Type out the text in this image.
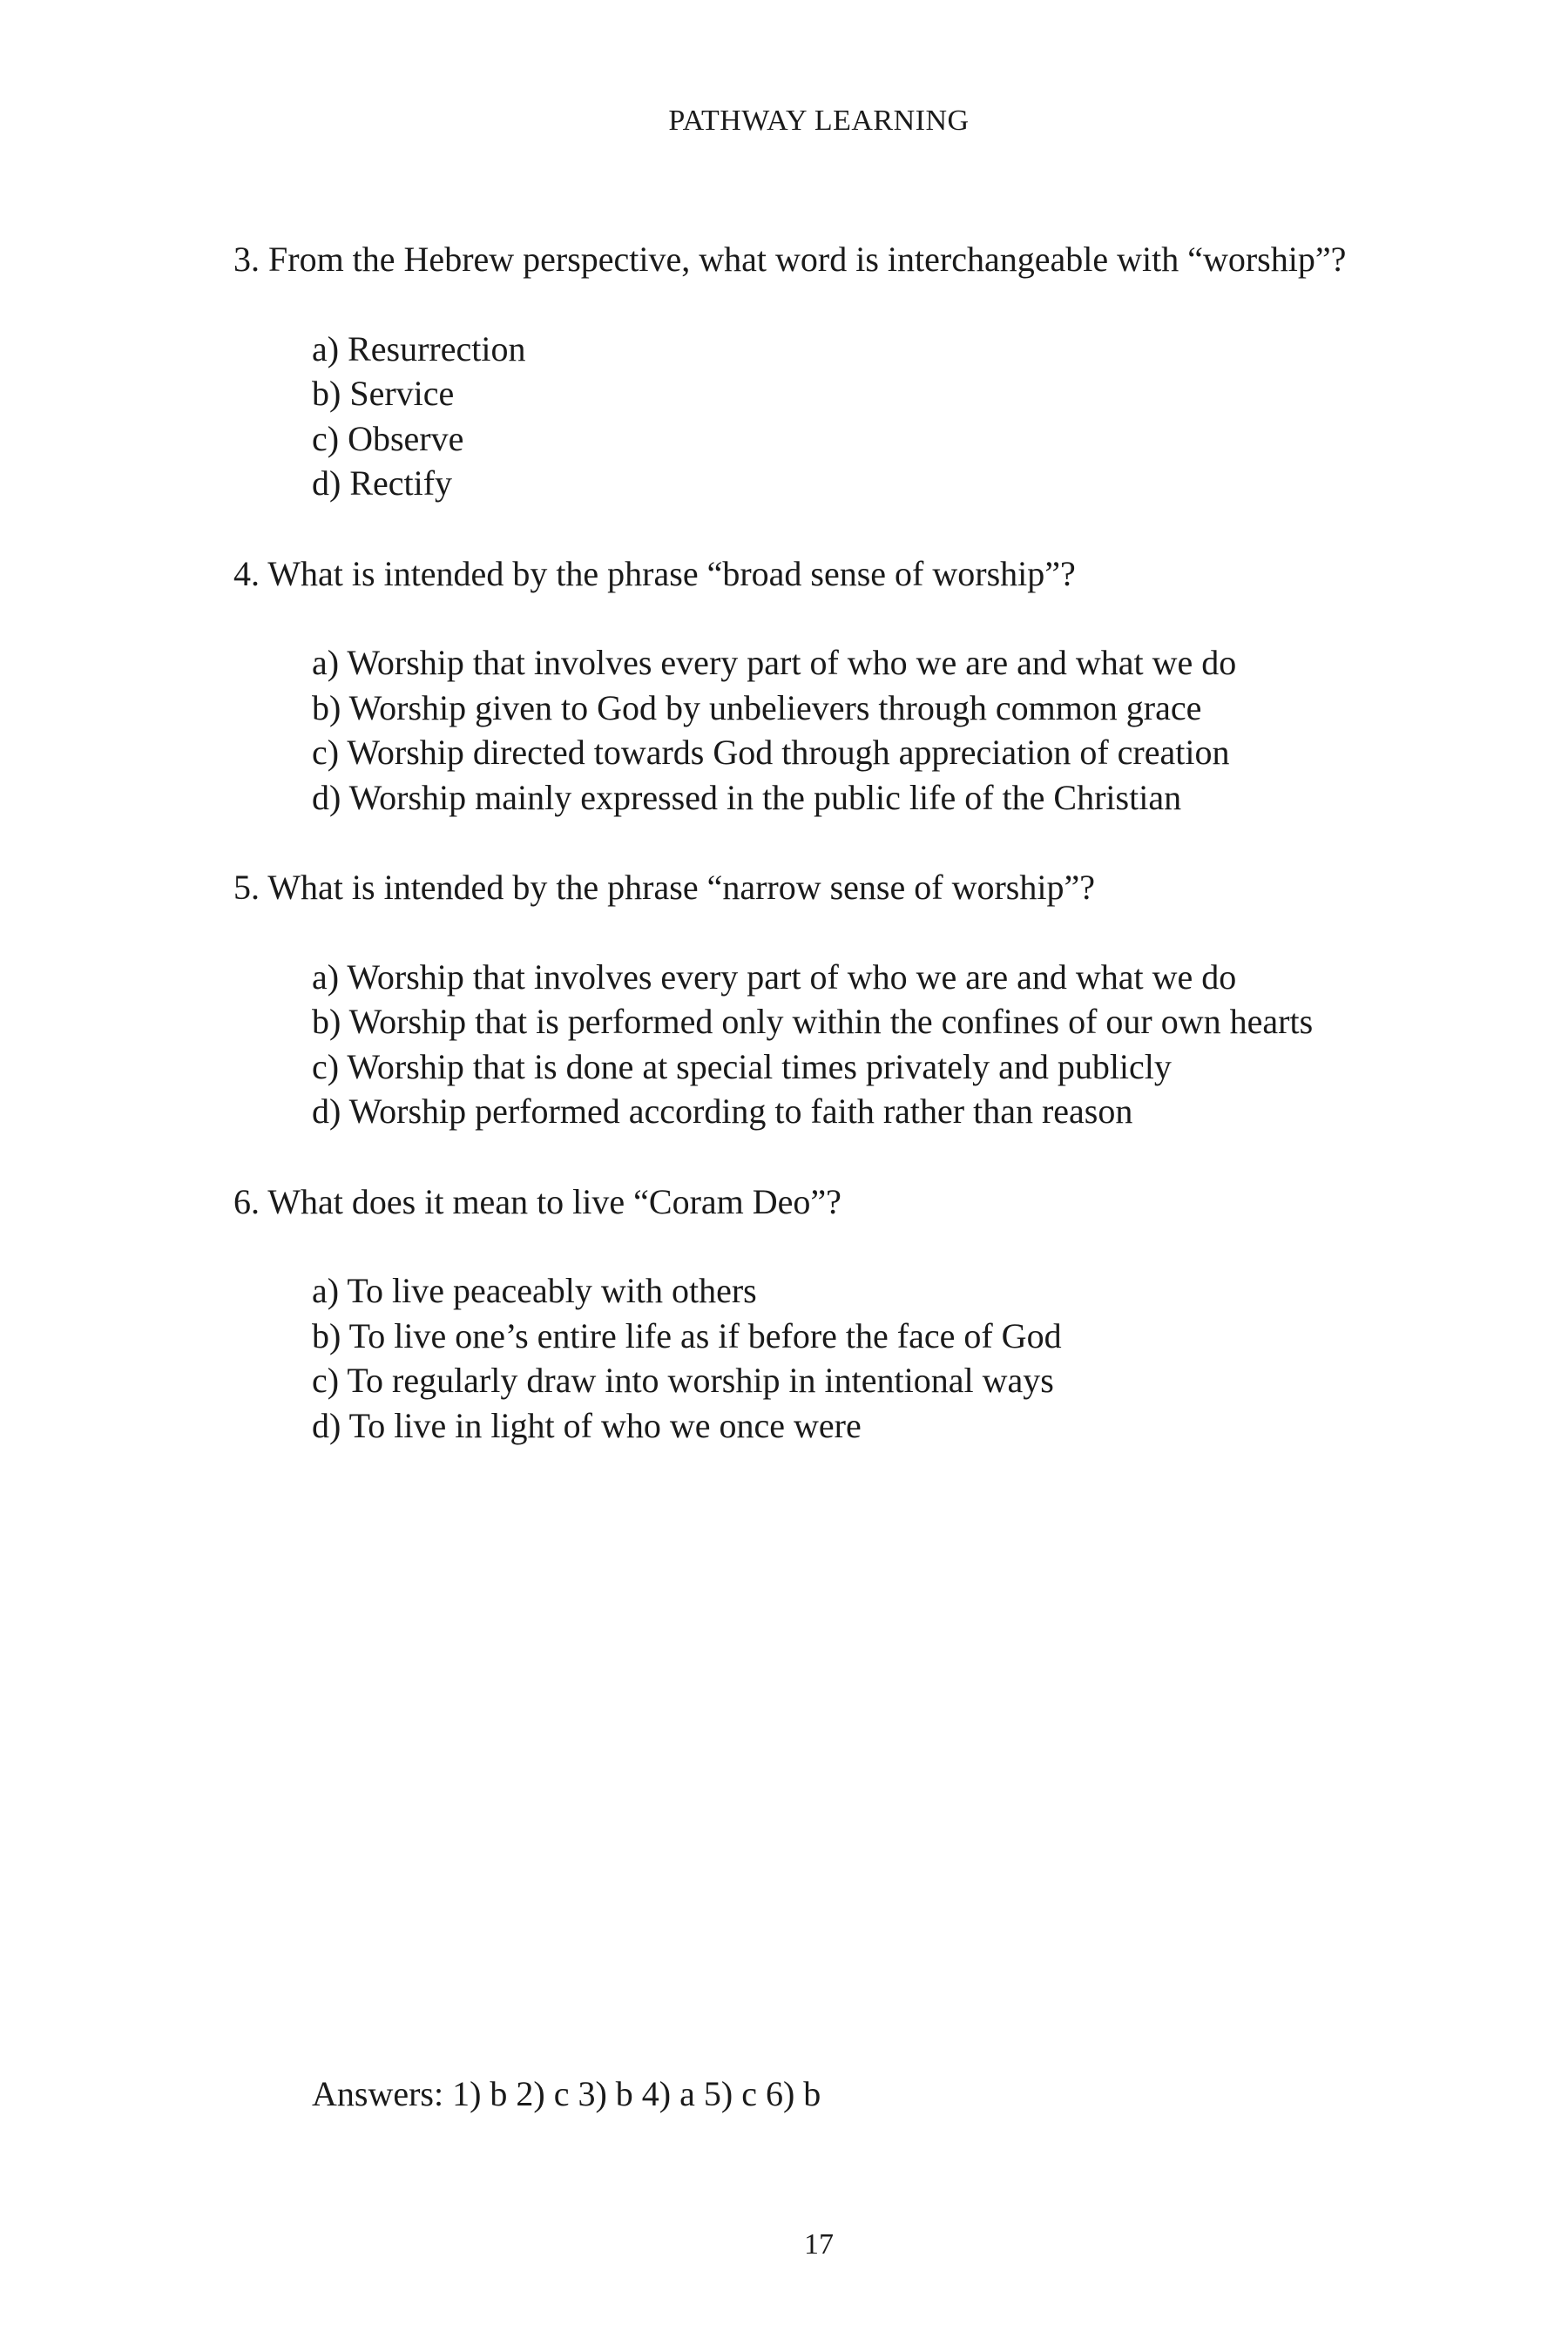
PATHWAY LEARNING

3. From the Hebrew perspective, what word is interchangeable with “worship”?

a) Resurrection
b) Service
c) Observe
d) Rectify

4. What is intended by the phrase “broad sense of worship”?

a) Worship that involves every part of who we are and what we do
b) Worship given to God by unbelievers through common grace
c) Worship directed towards God through appreciation of creation
d) Worship mainly expressed in the public life of the Christian

5. What is intended by the phrase “narrow sense of worship”?

a) Worship that involves every part of who we are and what we do
b) Worship that is performed only within the confines of our own hearts
c) Worship that is done at special times privately and publicly
d) Worship performed according to faith rather than reason

6. What does it mean to live “Coram Deo”?

a) To live peaceably with others
b) To live one’s entire life as if before the face of God
c) To regularly draw into worship in intentional ways
d) To live in light of who we once were
Answers: 1) b 2) c 3) b 4) a 5) c 6) b
17
